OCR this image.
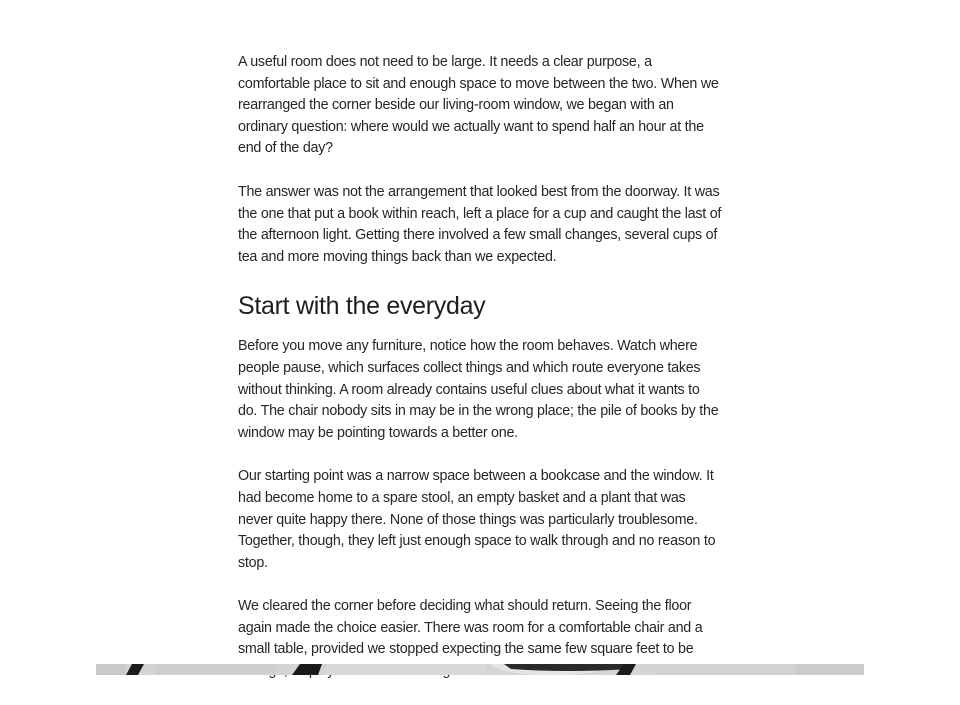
A useful room does not need to be large. It needs a clear purpose, a comfortable place to sit and enough space to move between the two. When we rearranged the corner beside our living-room window, we began with an ordinary question: where would we actually want to spend half an hour at the end of the day?

The answer was not the arrangement that looked best from the doorway. It was the one that put a book within reach, left a place for a cup and caught the last of the afternoon light. Getting there involved a few small changes, several cups of tea and more moving things back than we expected.

Start with the everyday

Before you move any furniture, notice how the room behaves. Watch where people pause, which surfaces collect things and which route everyone takes without thinking. A room already contains useful clues about what it wants to do. The chair nobody sits in may be in the wrong place; the pile of books by the window may be pointing towards a better one.

Our starting point was a narrow space between a bookcase and the window. It had become home to a spare stool, an empty basket and a plant that was never quite happy there. None of those things was particularly troublesome. Together, though, they left just enough space to walk through and no reason to stop.

We cleared the corner before deciding what should return. Seeing the floor again made the choice easier. There was room for a comfortable chair and a small table, provided we stopped expecting the same few square feet to be
